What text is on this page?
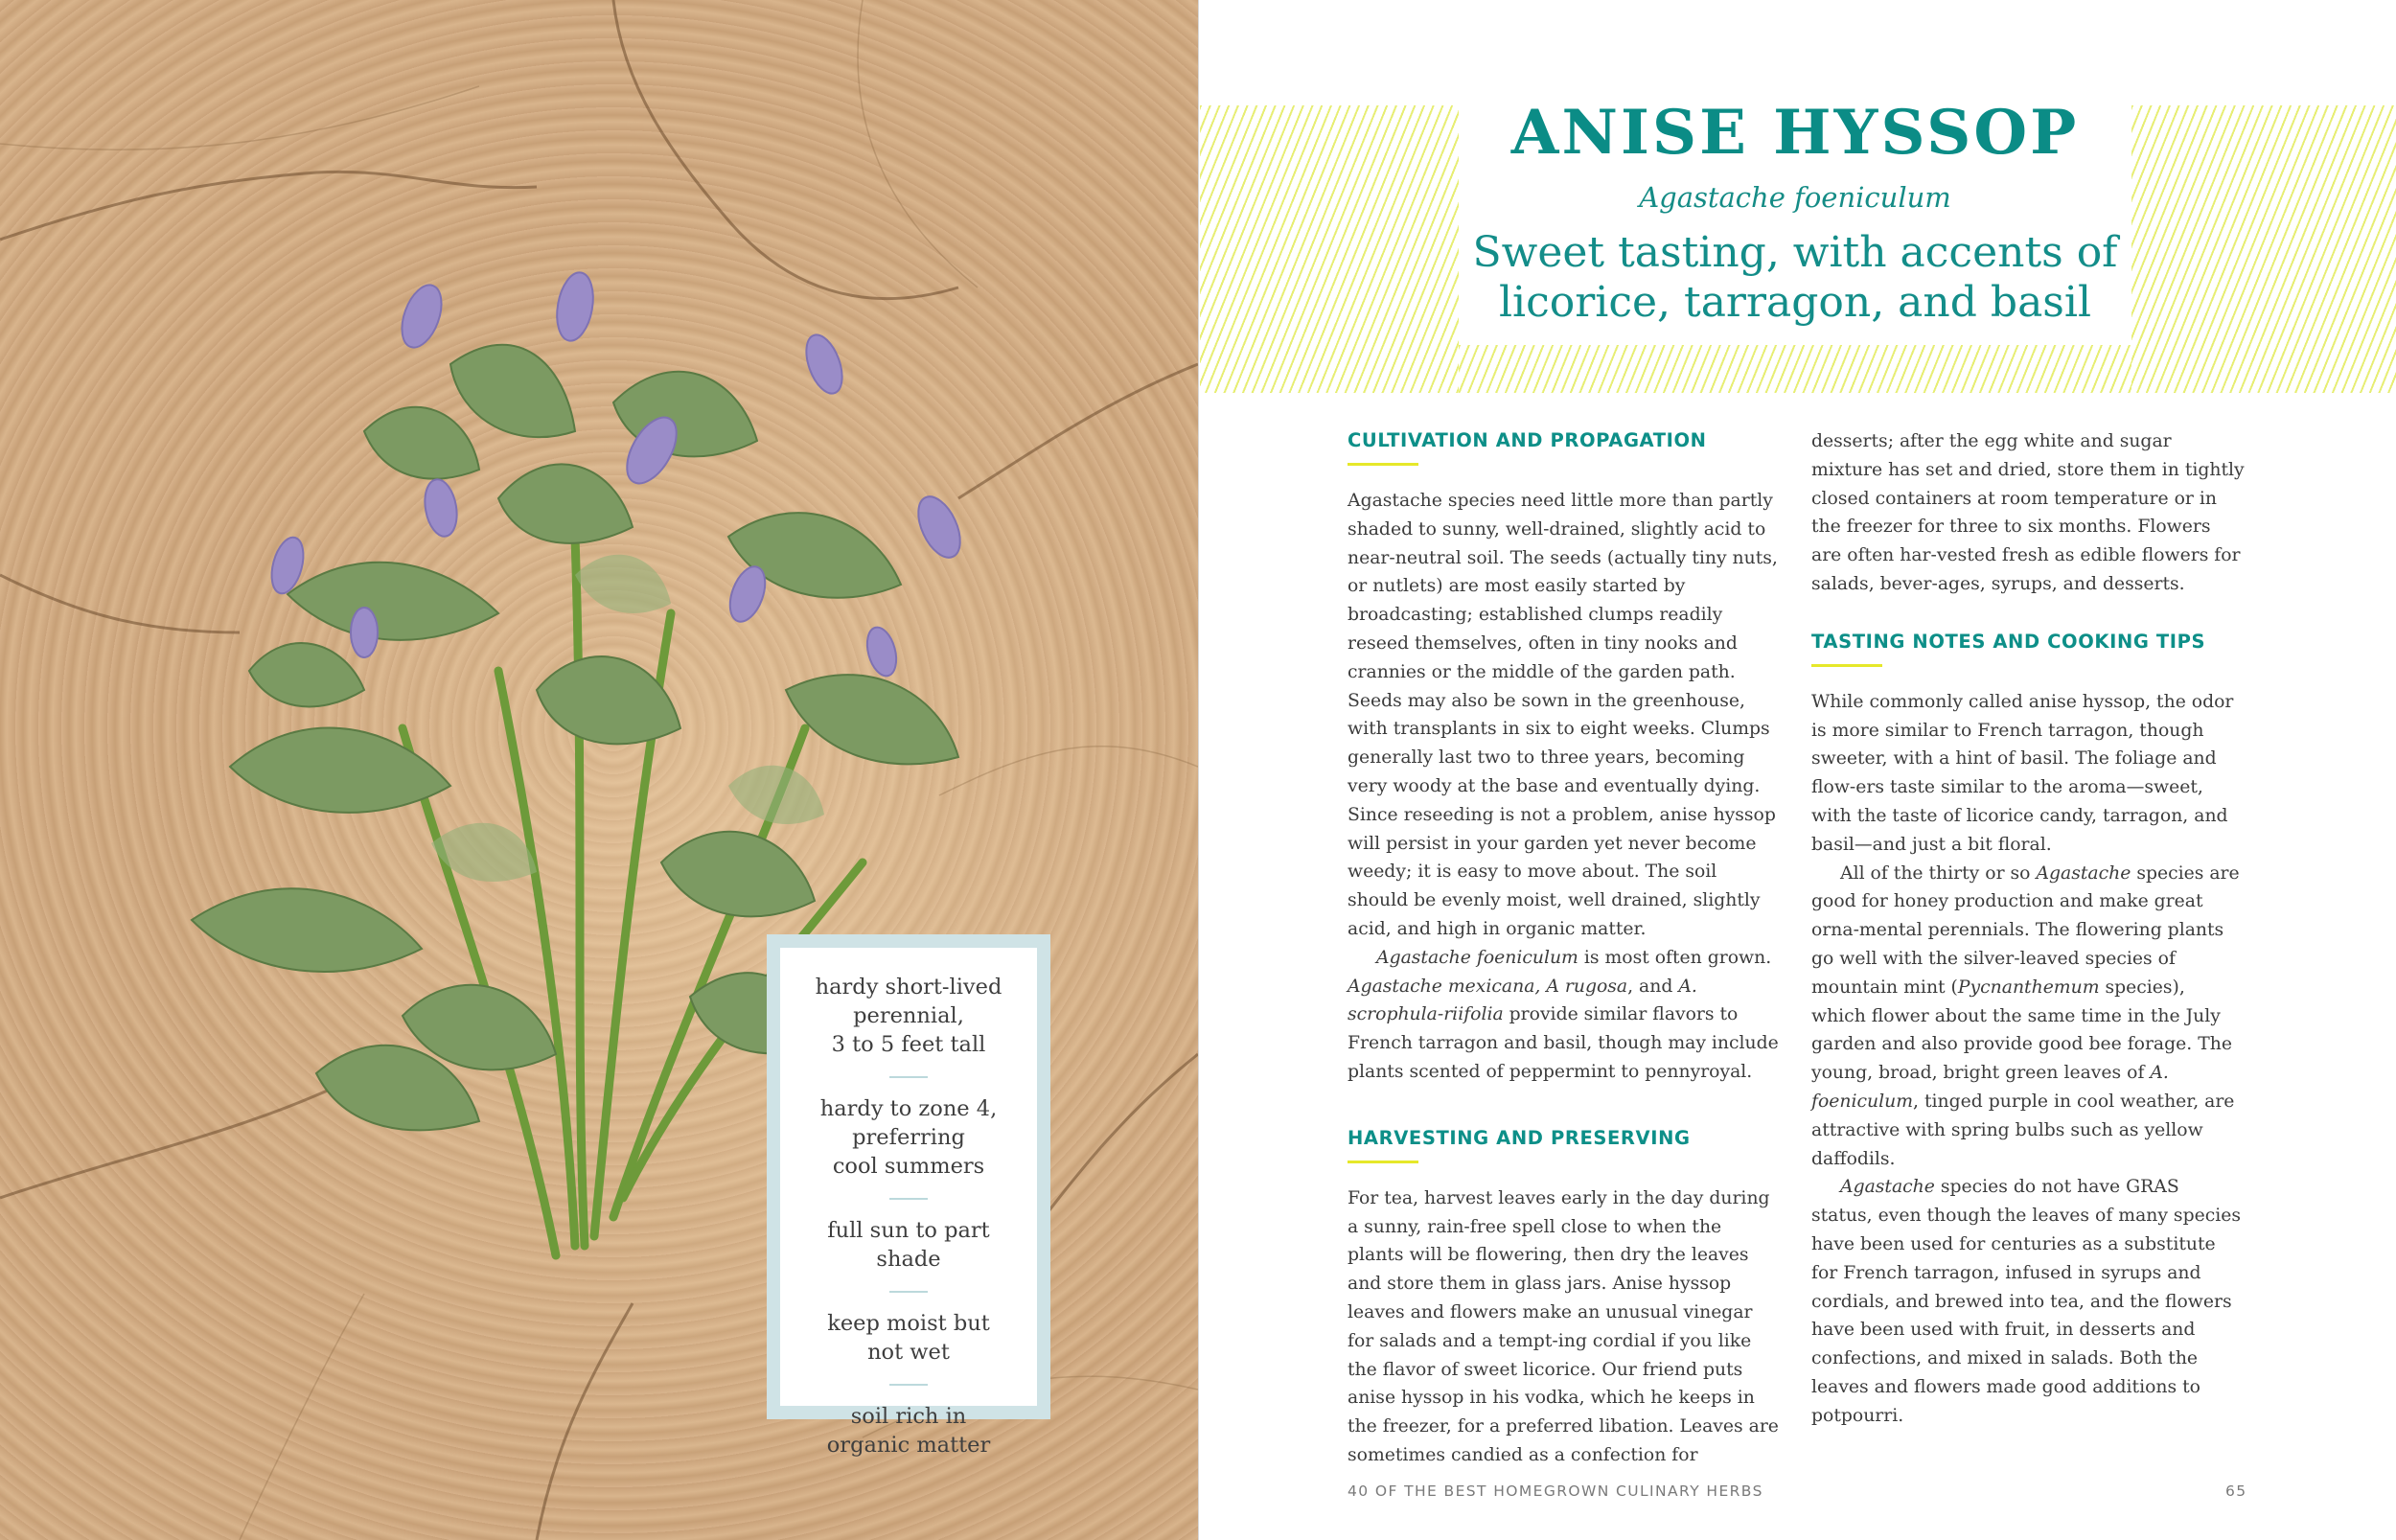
hardy short-lived
perennial,
3 to 5 feet tall
hardy to zone 4,
preferring
cool summers
full sun to part shade
keep moist but
not wet
soil rich in
organic matter
ANISE HYSSOP
Agastache foeniculum
Sweet tasting, with accents of
licorice, tarragon, and basil
CULTIVATION AND PROPAGATION

Agastache species need little more than partly shaded to sunny, well-drained, slightly acid to near-neutral soil. The seeds (actually tiny nuts, or nutlets) are most easily started by broadcasting; established clumps readily reseed themselves, often in tiny nooks and crannies or the middle of the garden path. Seeds may also be sown in the greenhouse, with transplants in six to eight weeks. Clumps generally last two to three years, becoming very woody at the base and eventually dying. Since reseeding is not a problem, anise hyssop will persist in your garden yet never become weedy; it is easy to move about. The soil should be evenly moist, well drained, slightly acid, and high in organic matter.

Agastache foeniculum is most often grown. Agastache mexicana, A rugosa, and A. scrophula-riifolia provide similar flavors to French tarragon and basil, though may include plants scented of peppermint to pennyroyal.

HARVESTING AND PRESERVING

For tea, harvest leaves early in the day during a sunny, rain-free spell close to when the plants will be flowering, then dry the leaves and store them in glass jars. Anise hyssop leaves and flowers make an unusual vinegar for salads and a tempt-ing cordial if you like the flavor of sweet licorice. Our friend puts anise hyssop in his vodka, which he keeps in the freezer, for a preferred libation. Leaves are sometimes candied as a confection for

desserts; after the egg white and sugar mixture has set and dried, store them in tightly closed containers at room temperature or in the freezer for three to six months. Flowers are often har-vested fresh as edible flowers for salads, bever-ages, syrups, and desserts.

TASTING NOTES AND COOKING TIPS

While commonly called anise hyssop, the odor is more similar to French tarragon, though sweeter, with a hint of basil. The foliage and flow-ers taste similar to the aroma—sweet, with the taste of licorice candy, tarragon, and basil—and just a bit floral.

All of the thirty or so Agastache species are good for honey production and make great orna-mental perennials. The flowering plants go well with the silver-leaved species of mountain mint (Pycnanthemum species), which flower about the same time in the July garden and also provide good bee forage. The young, broad, bright green leaves of A. foeniculum, tinged purple in cool weather, are attractive with spring bulbs such as yellow daffodils.

Agastache species do not have GRAS status, even though the leaves of many species have been used for centuries as a substitute for French tarragon, infused in syrups and cordials, and brewed into tea, and the flowers have been used with fruit, in desserts and confections, and mixed in salads. Both the leaves and flowers made good additions to potpourri.

40 OF THE BEST HOMEGROWN CULINARY HERBS	65
